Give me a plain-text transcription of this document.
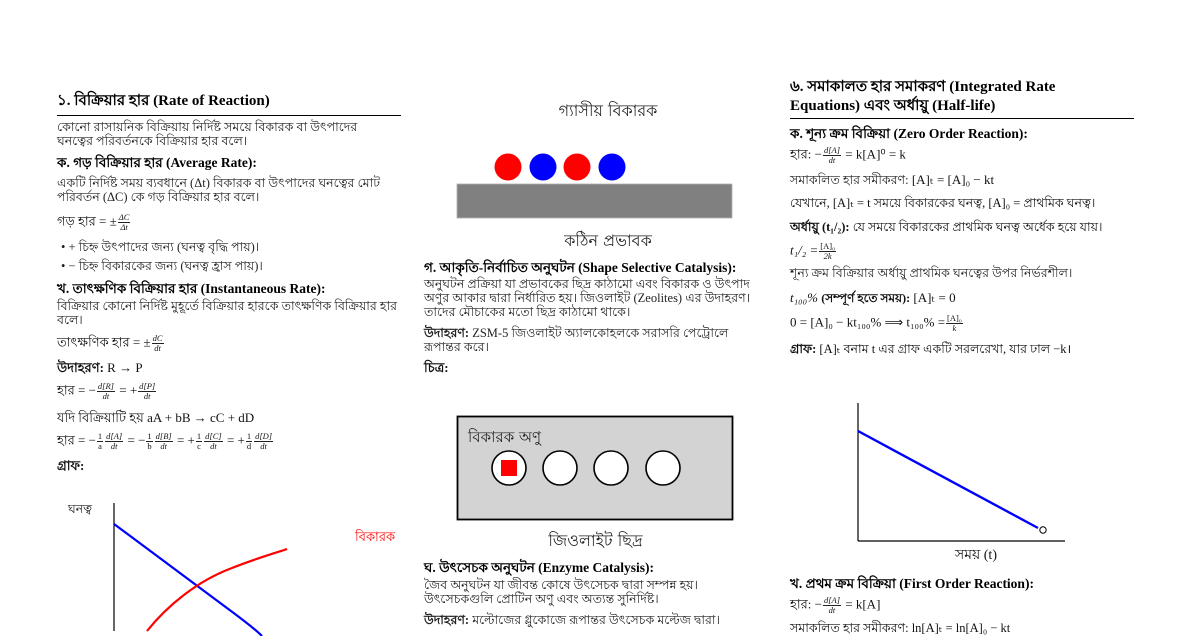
১. বিক্রিয়ার হার (Rate of Reaction)
কোনো রাসায়নিক বিক্রিয়ায় নির্দিষ্ট সময়ে বিকারক বা উৎপাদের ঘনত্বের পরিবর্তনকে বিক্রিয়ার হার বলে।
ক. গড় বিক্রিয়ার হার (Average Rate):
একটি নির্দিষ্ট সময় ব্যবধানে (Δt) বিকারক বা উৎপাদের ঘনত্বের মোট পরিবর্তন (ΔC) কে গড় বিক্রিয়ার হার বলে।
গড় হার = ± $\frac{\Delta C}{\Delta t}$
• + চিহ্ন উৎপাদের জন্য (ঘনত্ব বৃদ্ধি পায়)।
• − চিহ্ন বিকারকের জন্য (ঘনত্ব হ্রাস পায়)।
খ. তাৎক্ষণিক বিক্রিয়ার হার (Instantaneous Rate):
বিক্রিয়ার কোনো নির্দিষ্ট মুহূর্তে বিক্রিয়ার হারকে তাৎক্ষণিক বিক্রিয়ার হার বলে।
তাৎক্ষণিক হার = ± $\frac{dC}{dt}$
উদাহরণ: R → P
হার = − $\frac{d[R]}{dt}$ = + $\frac{d[P]}{dt}$
যদি বিক্রিয়াটি হয় aA + bB → cC + dD
হার = − $\frac{1}{a} \frac{d[A]}{dt}$ = − $\frac{1}{b} \frac{d[B]}{dt}$ = + $\frac{1}{c} \frac{d[C]}{dt}$ = + $\frac{1}{d} \frac{d[D]}{dt}$
গ্রাফ:
ঘনত্ব
বিকারক
গ্যাসীয় বিকারক
কঠিন প্রভাবক
গ. আকৃতি-নির্বাচিত অনুঘটন (Shape Selective Catalysis):
অনুঘটন প্রক্রিয়া যা প্রভাবকের ছিদ্র কাঠামো এবং বিকারক ও উৎপাদ অণুর আকার দ্বারা নির্ধারিত হয়। জিওলাইট (Zeolites) এর উদাহরণ। তাদের মৌচাকের মতো ছিদ্র কাঠামো থাকে।
উদাহরণ: ZSM-5 জিওলাইট অ্যালকোহলকে সরাসরি পেট্রোলে রূপান্তর করে।
চিত্র:
বিকারক অণু
জিওলাইট ছিদ্র
ঘ. উৎসেচক অনুঘটন (Enzyme Catalysis):
জৈব অনুঘটন যা জীবন্ত কোষে উৎসেচক দ্বারা সম্পন্ন হয়। উৎসেচকগুলি প্রোটিন অণু এবং অত্যন্ত সুনির্দিষ্ট।
উদাহরণ: মল্টোজের গ্লুকোজে রূপান্তর উৎসেচক মল্টেজ দ্বারা।
৬. সমাকালত হার সমাকরণ (Integrated Rate Equations) এবং অর্ধায়ু (Half-life)
ক. শূন্য ক্রম বিক্রিয়া (Zero Order Reaction):
হার: − $\frac{d[A]}{dt} = k[A]^0 = k$
সমাকলিত হার সমীকরণ: [A]ₜ = [A]₀ − kt
যেখানে, [A]ₜ = t সময়ে বিকারকের ঘনত্ব, [A]₀ = প্রাথমিক ঘনত্ব।
অর্ধায়ু (t₁/₂): যে সময়ে বিকারকের প্রাথমিক ঘনত্ব অর্ধেক হয়ে যায়।
$t_1/_2 = \frac{\text{[A]₀}}{2k}$
শূন্য ক্রম বিক্রিয়ার অর্ধায়ু প্রাথমিক ঘনত্বের উপর নির্ভরশীল।
t₁₀₀% (সম্পূর্ণ হতে সময়): [A]ₜ = 0
0 = [A]₀ − kt₁₀₀% ⟹ $t_{100}\% = \frac{\text{[A]₀}}{k}$
গ্রাফ: [A]ₜ বনাম t এর গ্রাফ একটি সরলরেখা, যার ঢাল −k।
সময় (t)
খ. প্রথম ক্রম বিক্রিয়া (First Order Reaction):
হার: − $\frac{d[A]}{dt} = k[A]$
সমাকলিত হার সমীকরণ: ln[A]ₜ = ln[A]₀ − kt
